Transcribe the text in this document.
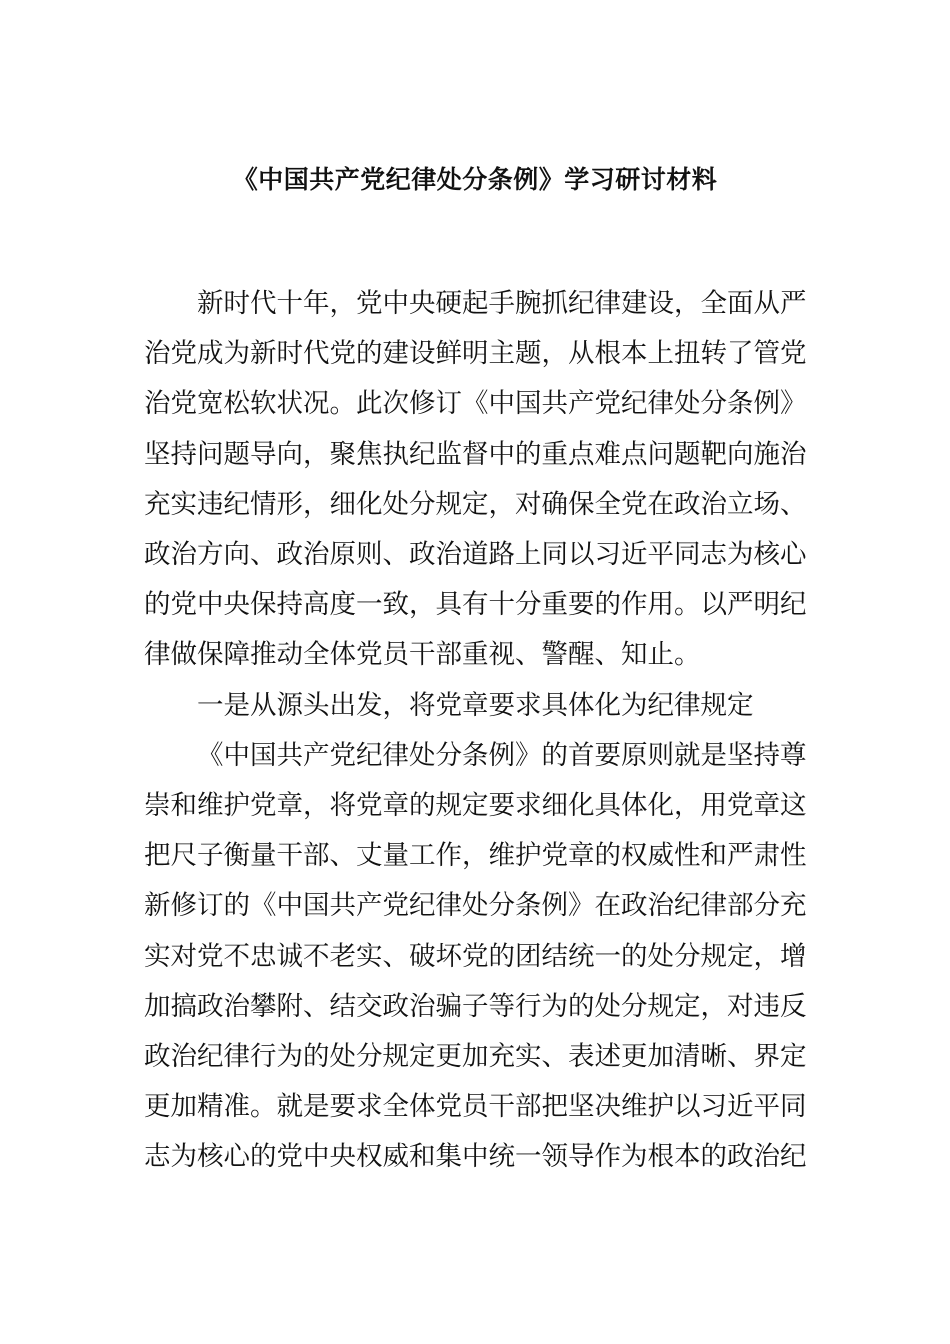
《中国共产党纪律处分条例》学习研讨材料

新时代十年，党中央硬起手腕抓纪律建设，全面从严
治党成为新时代党的建设鲜明主题，从根本上扭转了管党
治党宽松软状况。此次修订《中国共产党纪律处分条例》
坚持问题导向，聚焦执纪监督中的重点难点问题靶向施治
充实违纪情形，细化处分规定，对确保全党在政治立场、
政治方向、政治原则、政治道路上同以习近平同志为核心
的党中央保持高度一致，具有十分重要的作用。以严明纪
律做保障推动全体党员干部重视、警醒、知止。

一是从源头出发，将党章要求具体化为纪律规定

《中国共产党纪律处分条例》的首要原则就是坚持尊
崇和维护党章，将党章的规定要求细化具体化，用党章这
把尺子衡量干部、丈量工作，维护党章的权威性和严肃性
新修订的《中国共产党纪律处分条例》在政治纪律部分充
实对党不忠诚不老实、破坏党的团结统一的处分规定，增
加搞政治攀附、结交政治骗子等行为的处分规定，对违反
政治纪律行为的处分规定更加充实、表述更加清晰、界定
更加精准。就是要求全体党员干部把坚决维护以习近平同
志为核心的党中央权威和集中统一领导作为根本的政治纪
